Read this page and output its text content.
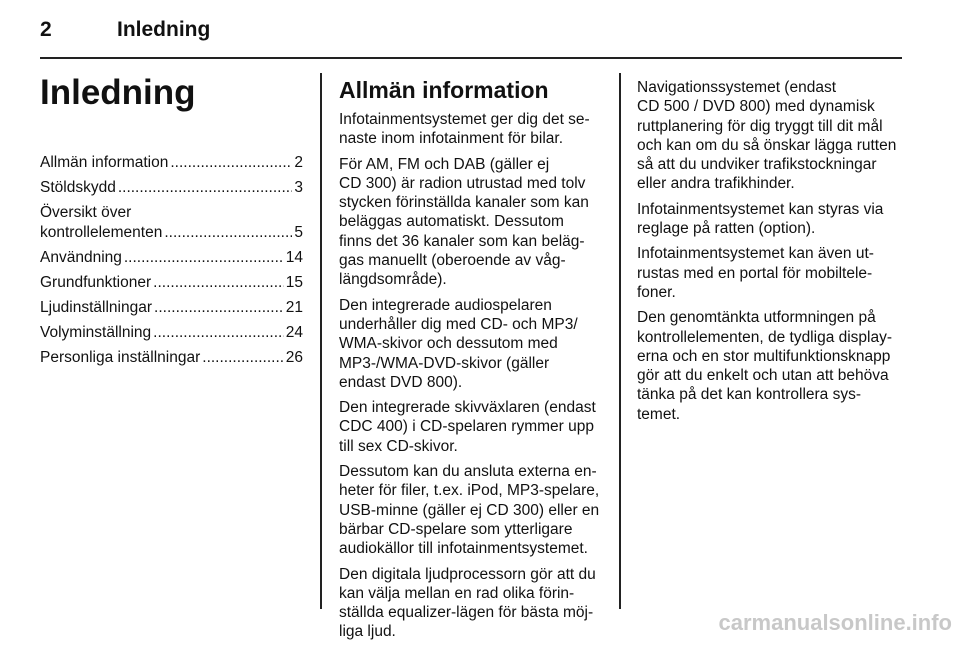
2	Inledning
Inledning
Allmän information .....	2
Stöldskydd .....	3
Översikt över
kontrollelementen .....	5
Användning .....	14
Grundfunktioner .....	15
Ljudinställningar .....	21
Volyminställning .....	24
Personliga inställningar .....	26
Allmän information

Infotainmentsystemet ger dig det se-
naste inom infotainment för bilar.

För AM, FM och DAB (gäller ej
CD 300) är radion utrustad med tolv
stycken förinställda kanaler som kan
beläggas automatiskt. Dessutom
finns det 36 kanaler som kan beläg-
gas manuellt (oberoende av våg-
längdsområde).

Den integrerade audiospelaren
underhåller dig med CD- och MP3/
WMA-skivor och dessutom med
MP3-/WMA-DVD-skivor (gäller
endast DVD 800).

Den integrerade skivväxlaren (endast
CDC 400) i CD-spelaren rymmer upp
till sex CD-skivor.

Dessutom kan du ansluta externa en-
heter för filer, t.ex. iPod, MP3-spelare,
USB-minne (gäller ej CD 300) eller en
bärbar CD-spelare som ytterligare
audiokällor till infotainmentsystemet.

Den digitala ljudprocessorn gör att du
kan välja mellan en rad olika förin-
ställda equalizer-lägen för bästa möj-
liga ljud.

Navigationssystemet (endast
CD 500 / DVD 800) med dynamisk
ruttplanering för dig tryggt till dit mål
och kan om du så önskar lägga rutten
så att du undviker trafikstockningar
eller andra trafikhinder.

Infotainmentsystemet kan styras via
reglage på ratten (option).

Infotainmentsystemet kan även ut-
rustas med en portal för mobiltele-
foner.

Den genomtänkta utformningen på
kontrollelementen, de tydliga display-
erna och en stor multifunktionsknapp
gör att du enkelt och utan att behöva
tänka på det kan kontrollera sys-
temet.

carmanualsonline.info
